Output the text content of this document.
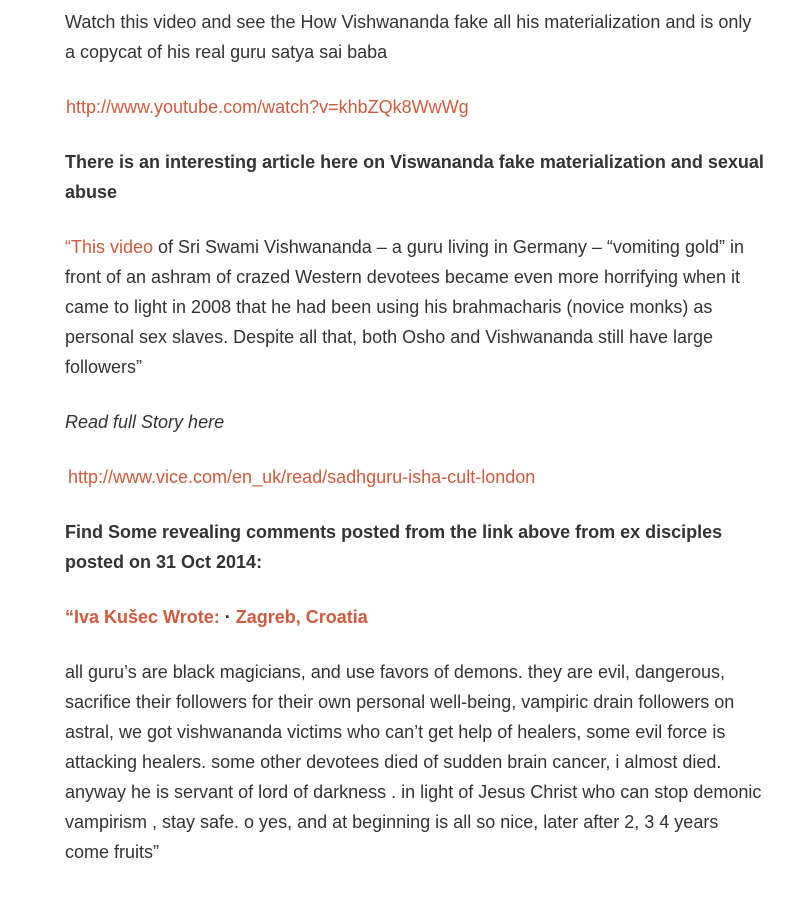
Watch this video and see the How Vishwananda fake all his materialization and is only a copycat of his real guru satya sai baba

http://www.youtube.com/watch?v=khbZQk8WwWg

There is an interesting article here on Viswananda fake materialization and sexual abuse

“This video of Sri Swami Vishwananda – a guru living in Germany – “vomiting gold” in front of an ashram of crazed Western devotees became even more horrifying when it came to light in 2008 that he had been using his brahmacharis (novice monks) as personal sex slaves. Despite all that, both Osho and Vishwananda still have large followers”

Read full Story here

http://www.vice.com/en_uk/read/sadhguru-isha-cult-london

Find Some revealing comments posted from the link above from ex disciples posted on 31 Oct 2014:

“Iva Kušec Wrote: · Zagreb, Croatia

all guru’s are black magicians, and use favors of demons. they are evil, dangerous, sacrifice their followers for their own personal well-being, vampiric drain followers on astral, we got vishwananda victims who can’t get help of healers, some evil force is attacking healers. some other devotees died of sudden brain cancer, i almost died. anyway he is servant of lord of darkness . in light of Jesus Christ who can stop demonic vampirism , stay safe. o yes, and at beginning is all so nice, later after 2, 3 4 years come fruits”
